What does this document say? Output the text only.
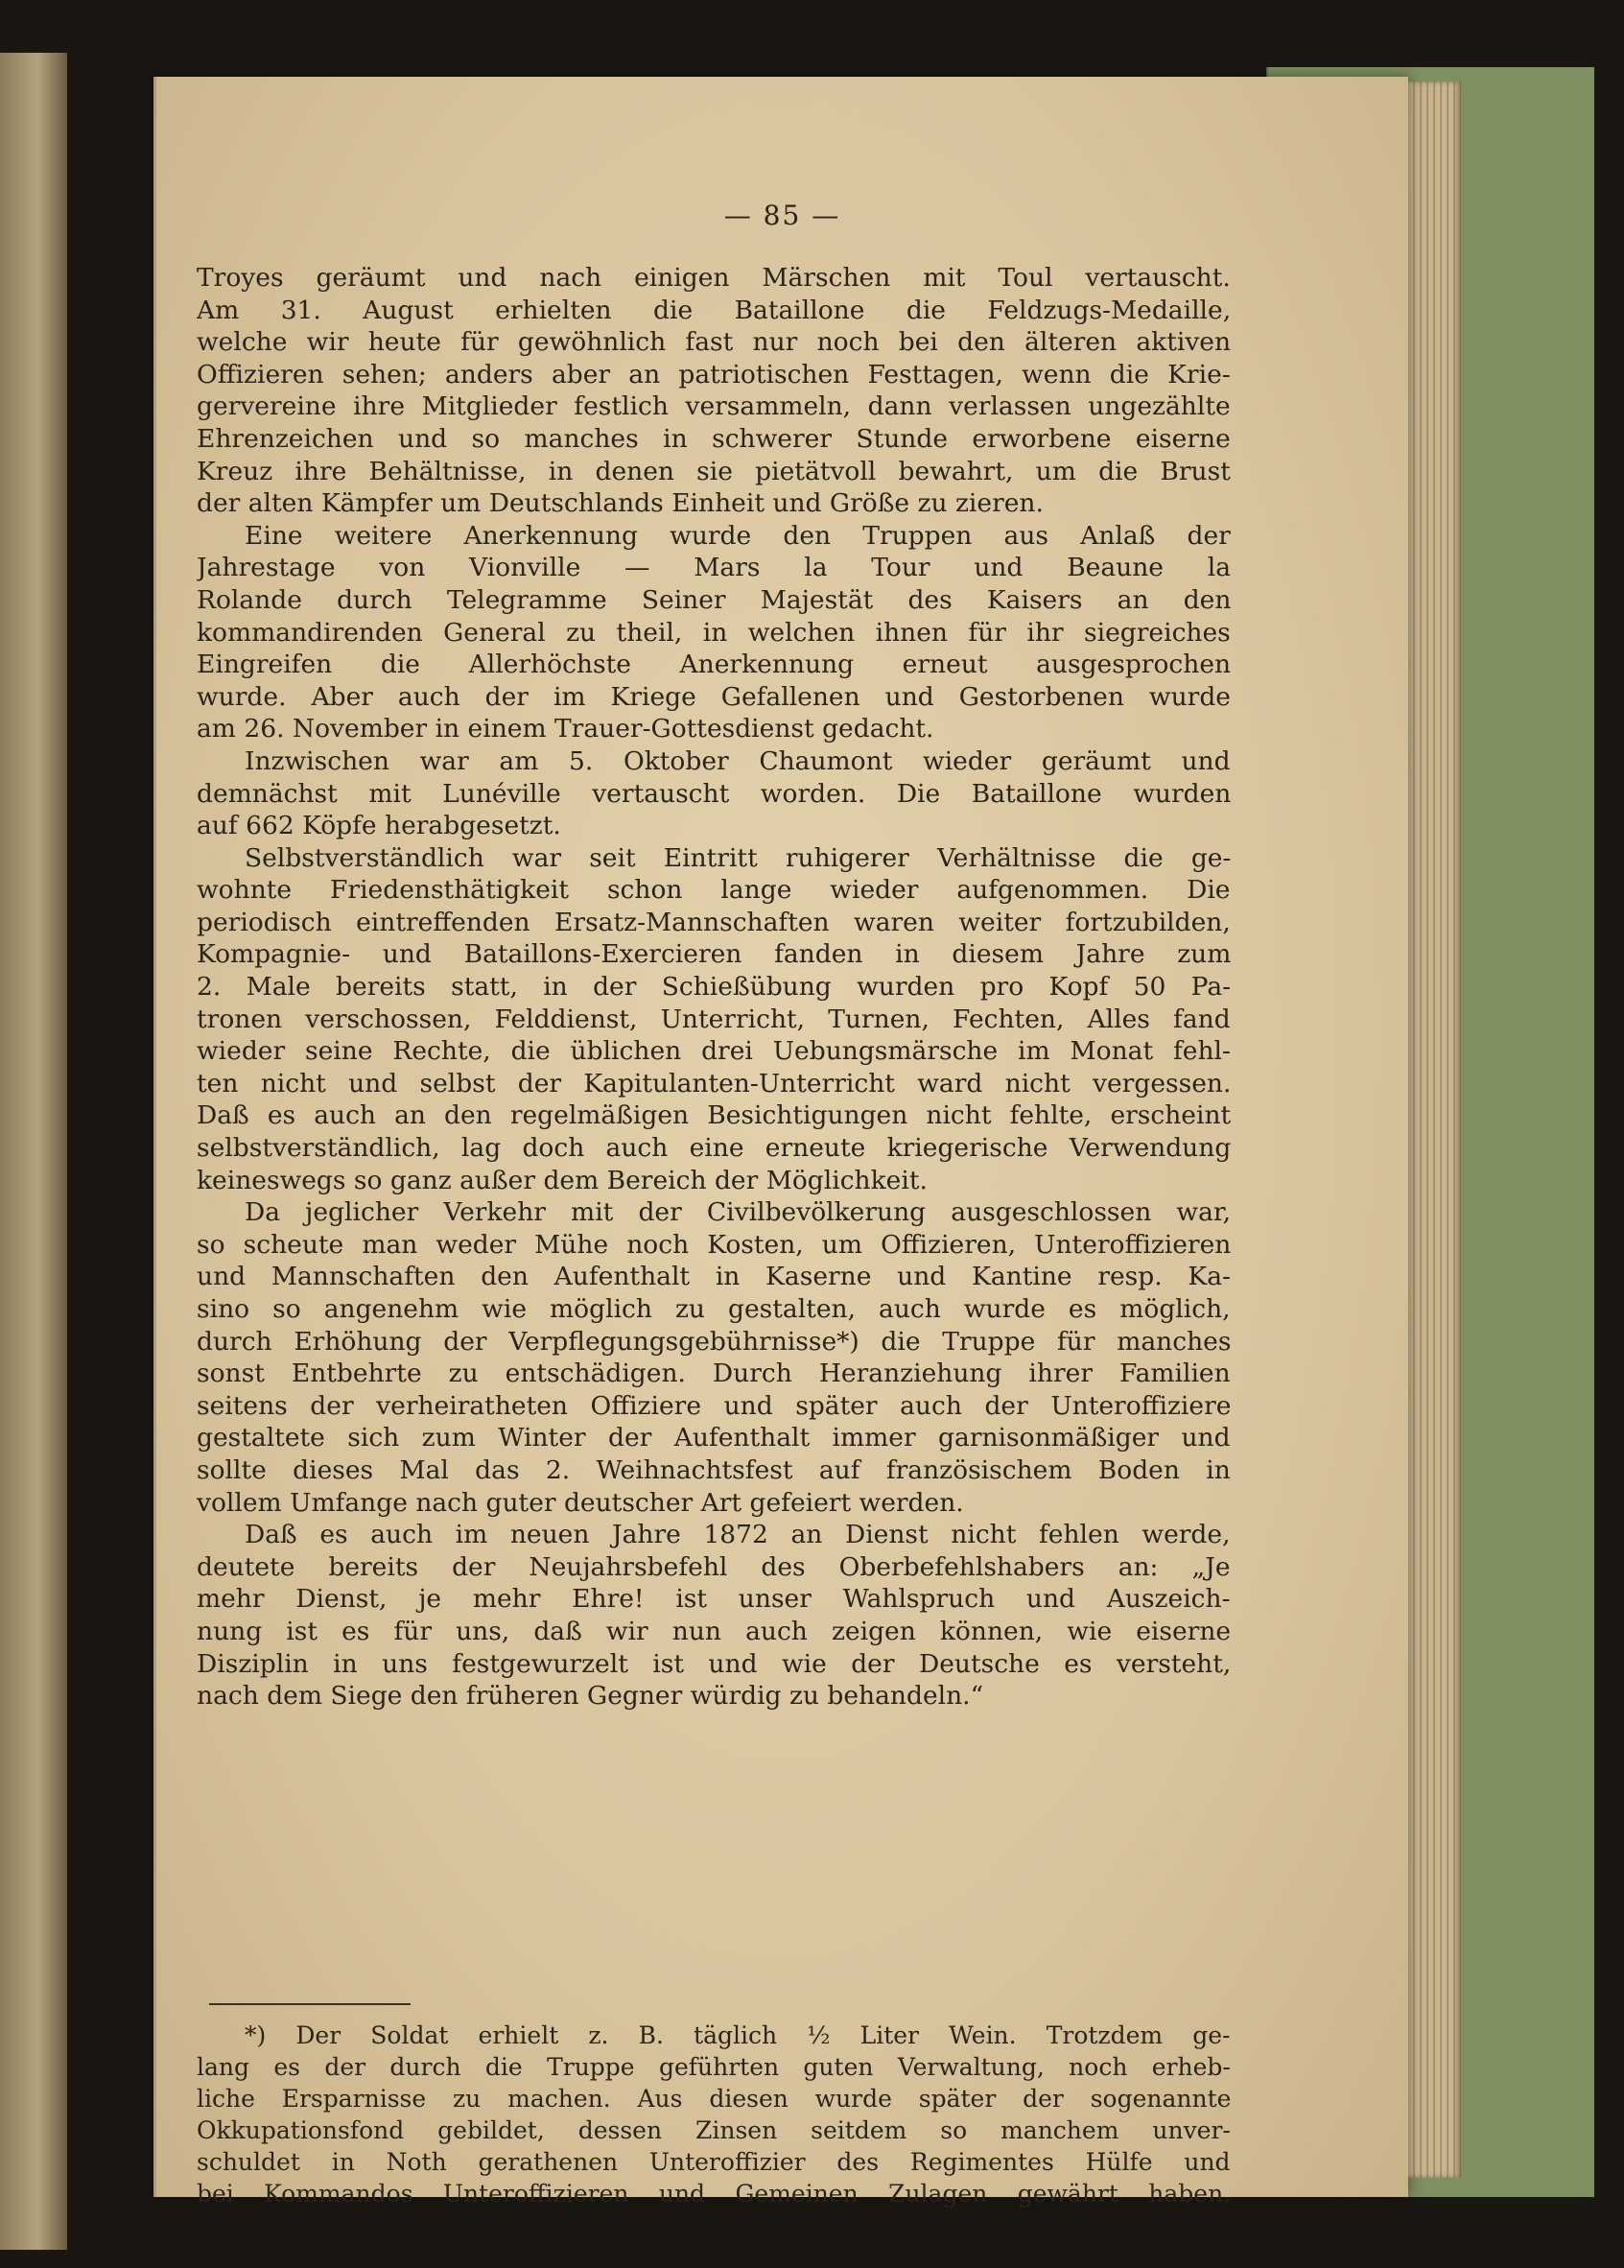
— 85 —
Troyes geräumt und nach einigen Märschen mit Toul vertauscht.
Am 31. August erhielten die Bataillone die Feldzugs-Medaille,
welche wir heute für gewöhnlich fast nur noch bei den älteren aktiven
Offizieren sehen; anders aber an patriotischen Festtagen, wenn die Krie-
gervereine ihre Mitglieder festlich versammeln, dann verlassen ungezählte
Ehrenzeichen und so manches in schwerer Stunde erworbene eiserne
Kreuz ihre Behältnisse, in denen sie pietätvoll bewahrt, um die Brust
der alten Kämpfer um Deutschlands Einheit und Größe zu zieren.
Eine weitere Anerkennung wurde den Truppen aus Anlaß der
Jahrestage von Vionville — Mars la Tour und Beaune la
Rolande durch Telegramme Seiner Majestät des Kaisers an den
kommandirenden General zu theil, in welchen ihnen für ihr siegreiches
Eingreifen die Allerhöchste Anerkennung erneut ausgesprochen
wurde. Aber auch der im Kriege Gefallenen und Gestorbenen wurde
am 26. November in einem Trauer-Gottesdienst gedacht.
Inzwischen war am 5. Oktober Chaumont wieder geräumt und
demnächst mit Lunéville vertauscht worden. Die Bataillone wurden
auf 662 Köpfe herabgesetzt.
Selbstverständlich war seit Eintritt ruhigerer Verhältnisse die ge-
wohnte Friedensthätigkeit schon lange wieder aufgenommen. Die
periodisch eintreffenden Ersatz-Mannschaften waren weiter fortzubilden,
Kompagnie- und Bataillons-Exercieren fanden in diesem Jahre zum
2. Male bereits statt, in der Schießübung wurden pro Kopf 50 Pa-
tronen verschossen, Felddienst, Unterricht, Turnen, Fechten, Alles fand
wieder seine Rechte, die üblichen drei Uebungsmärsche im Monat fehl-
ten nicht und selbst der Kapitulanten-Unterricht ward nicht vergessen.
Daß es auch an den regelmäßigen Besichtigungen nicht fehlte, erscheint
selbstverständlich, lag doch auch eine erneute kriegerische Verwendung
keineswegs so ganz außer dem Bereich der Möglichkeit.
Da jeglicher Verkehr mit der Civilbevölkerung ausgeschlossen war,
so scheute man weder Mühe noch Kosten, um Offizieren, Unteroffizieren
und Mannschaften den Aufenthalt in Kaserne und Kantine resp. Ka-
sino so angenehm wie möglich zu gestalten, auch wurde es möglich,
durch Erhöhung der Verpflegungsgebührnisse*) die Truppe für manches
sonst Entbehrte zu entschädigen. Durch Heranziehung ihrer Familien
seitens der verheiratheten Offiziere und später auch der Unteroffiziere
gestaltete sich zum Winter der Aufenthalt immer garnisonmäßiger und
sollte dieses Mal das 2. Weihnachtsfest auf französischem Boden in
vollem Umfange nach guter deutscher Art gefeiert werden.
Daß es auch im neuen Jahre 1872 an Dienst nicht fehlen werde,
deutete bereits der Neujahrsbefehl des Oberbefehlshabers an: „Je
mehr Dienst, je mehr Ehre! ist unser Wahlspruch und Auszeich-
nung ist es für uns, daß wir nun auch zeigen können, wie eiserne
Disziplin in uns festgewurzelt ist und wie der Deutsche es versteht,
nach dem Siege den früheren Gegner würdig zu behandeln.“
*) Der Soldat erhielt z. B. täglich ½ Liter Wein. Trotzdem ge-
lang es der durch die Truppe geführten guten Verwaltung, noch erheb-
liche Ersparnisse zu machen. Aus diesen wurde später der sogenannte
Okkupationsfond gebildet, dessen Zinsen seitdem so manchem unver-
schuldet in Noth gerathenen Unteroffizier des Regimentes Hülfe und
bei Kommandos Unteroffizieren und Gemeinen Zulagen gewährt haben.
